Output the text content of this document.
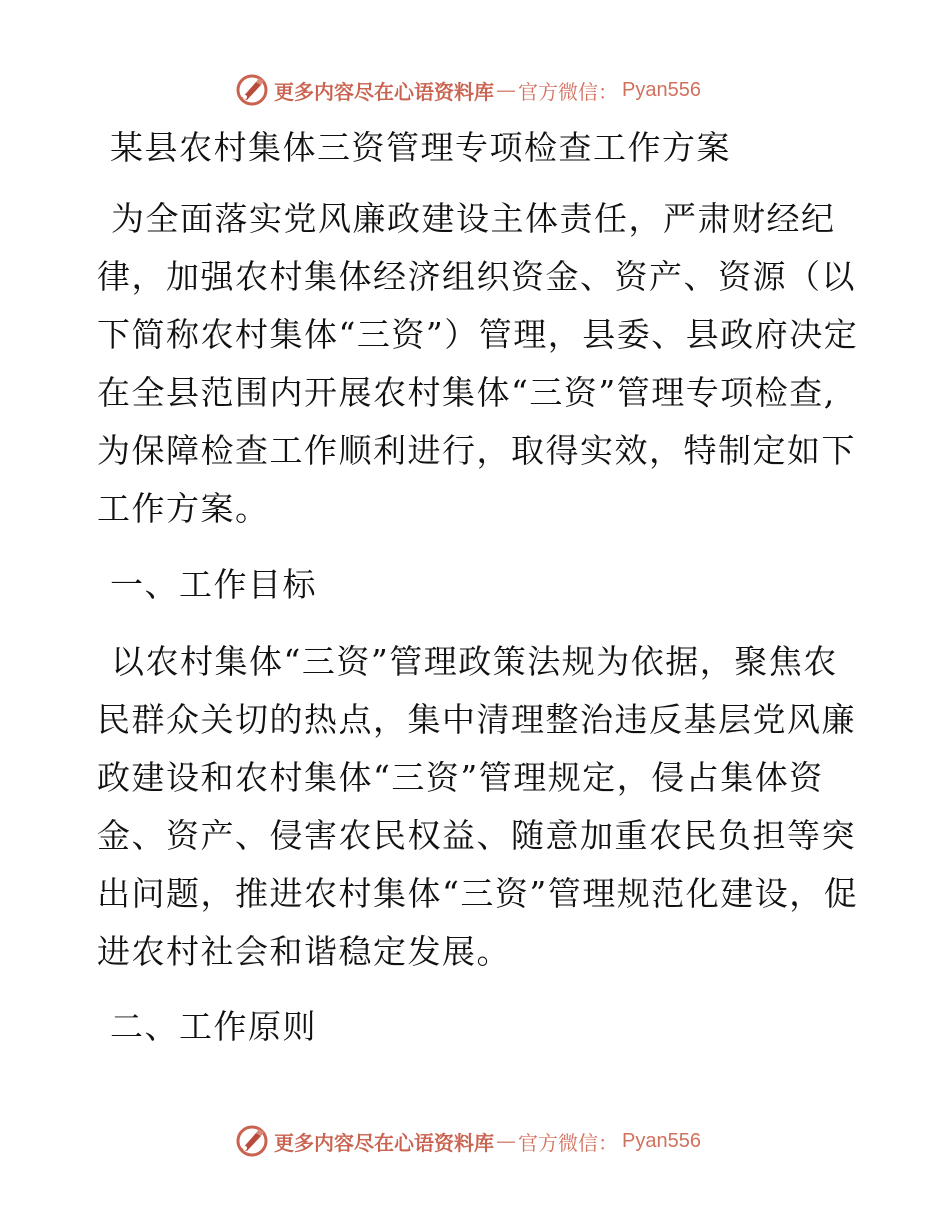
更多内容尽在心语资料库 — 官方微信： Pyan556
某县农村集体三资管理专项检查工作方案

为全面落实党风廉政建设主体责任，严肃财经纪律，加强农村集体经济组织资金、资产、资源（以下简称农村集体“三资”）管理，县委、县政府决定在全县范围内开展农村集体“三资”管理专项检查, 为保障检查工作顺利进行，取得实效，特制定如下工作方案。

一、工作目标

以农村集体“三资”管理政策法规为依据，聚焦农民群众关切的热点，集中清理整治违反基层党风廉政建设和农村集体“三资”管理规定，侵占集体资金、资产、侵害农民权益、随意加重农民负担等突出问题，推进农村集体“三资”管理规范化建设，促进农村社会和谐稳定发展。

二、工作原则
更多内容尽在心语资料库 — 官方微信： Pyan556
